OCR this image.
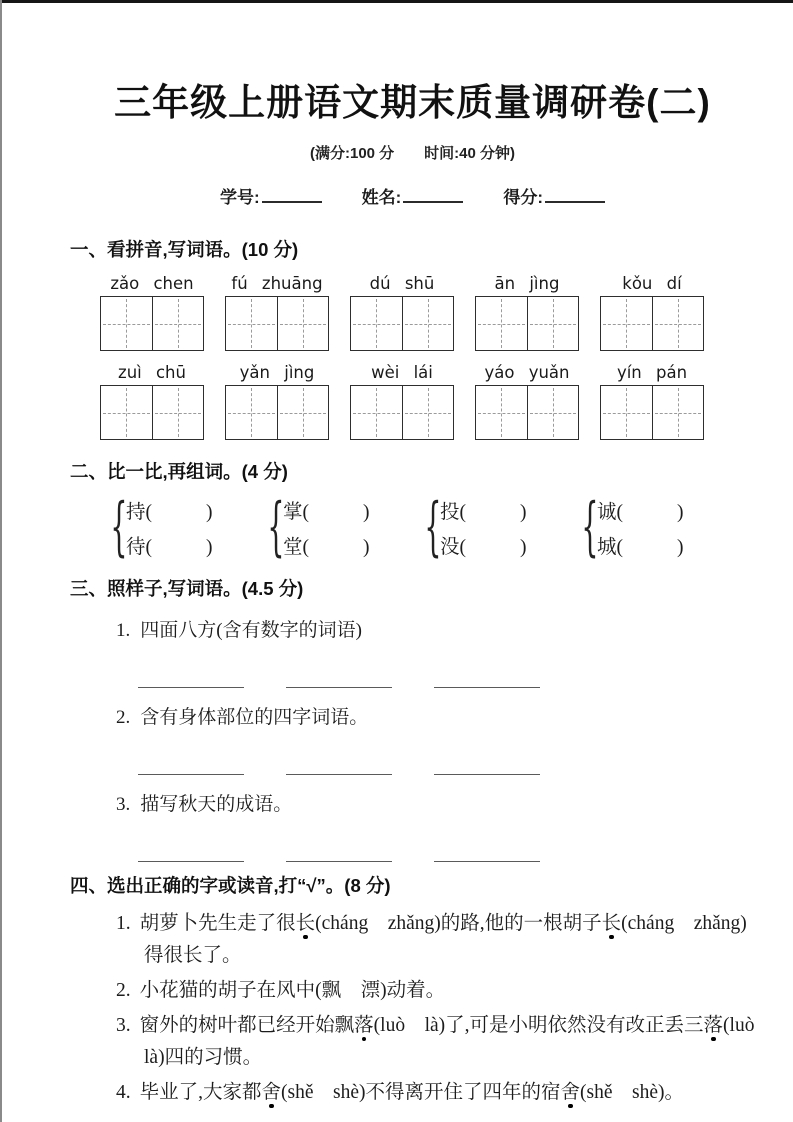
三年级上册语文期末质量调研卷(二)
(满分:100 分　　时间:40 分钟)
学号:	姓名:	得分:
一、看拼音,写词语。(10 分)
zǎo chen	fú zhuāng	dú shū	ān jìng	kǒu dí
zuì chū	yǎn jìng	wèi lái	yáo yuǎn	yín pán
二、比一比,再组词。(4 分)
{
持 (	)
待 (	) {
掌 (	)
堂 (	) {
投 (	)
没 (	) {
诚 (	)
城 (	)
三、照样子,写词语。(4.5 分)
1. 四面八方(含有数字的词语)
2. 含有身体部位的四字词语。
3. 描写秋天的成语。
四、选出正确的字或读音,打“√”。(8 分)
1. 胡萝卜先生走了很长(cháng　zhǎng)的路,他的一根胡子长(cháng　zhǎng)得很长了。
2. 小花猫的胡子在风中(飘　漂)动着。
3. 窗外的树叶都已经开始飘落(luò　là)了,可是小明依然没有改正丢三落(luò　là)四的习惯。
4. 毕业了,大家都舍(shě　shè)不得离开住了四年的宿舍(shě　shè)。
